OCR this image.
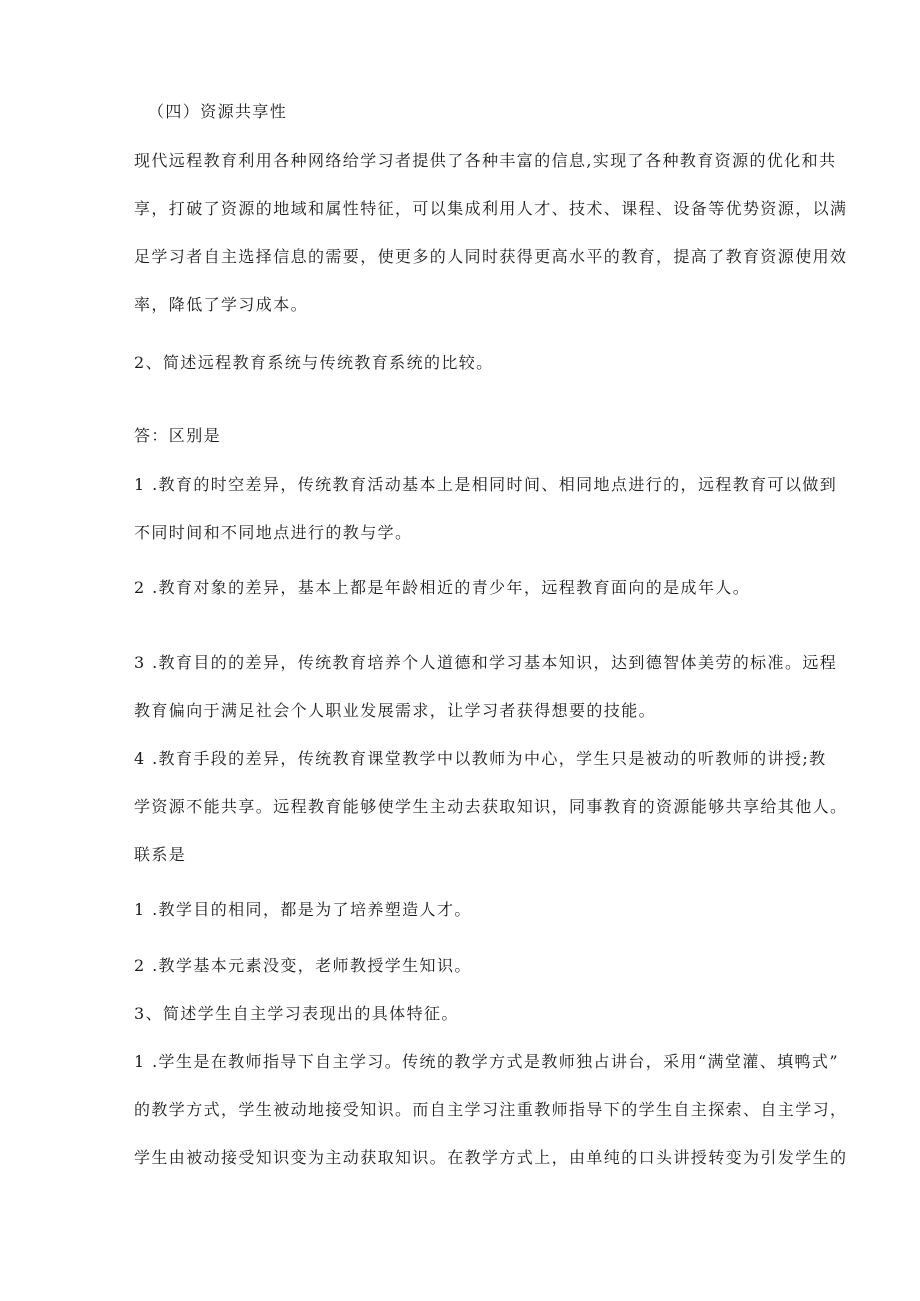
（四）资源共享性
现代远程教育利用各种网络给学习者提供了各种丰富的信息,实现了各种教育资源的优化和共
享，打破了资源的地域和属性特征，可以集成利用人才、技术、课程、设备等优势资源，以满
足学习者自主选择信息的需要，使更多的人同时获得更高水平的教育，提高了教育资源使用效
率，降低了学习成本。
2、简述远程教育系统与传统教育系统的比较。
答：区别是
1 .教育的时空差异，传统教育活动基本上是相同时间、相同地点进行的，远程教育可以做到
不同时间和不同地点进行的教与学。
2 .教育对象的差异，基本上都是年龄相近的青少年，远程教育面向的是成年人。
3 .教育目的的差异，传统教育培养个人道德和学习基本知识，达到德智体美劳的标准。远程
教育偏向于满足社会个人职业发展需求，让学习者获得想要的技能。
4 .教育手段的差异，传统教育课堂教学中以教师为中心，学生只是被动的听教师的讲授;教
学资源不能共享。远程教育能够使学生主动去获取知识，同事教育的资源能够共享给其他人。
联系是
1 .教学目的相同，都是为了培养塑造人才。
2 .教学基本元素没变，老师教授学生知识。
3、简述学生自主学习表现出的具体特征。
1 .学生是在教师指导下自主学习。传统的教学方式是教师独占讲台，采用“满堂灌、填鸭式”
的教学方式，学生被动地接受知识。而自主学习注重教师指导下的学生自主探索、自主学习，
学生由被动接受知识变为主动获取知识。在教学方式上，由单纯的口头讲授转变为引发学生的
